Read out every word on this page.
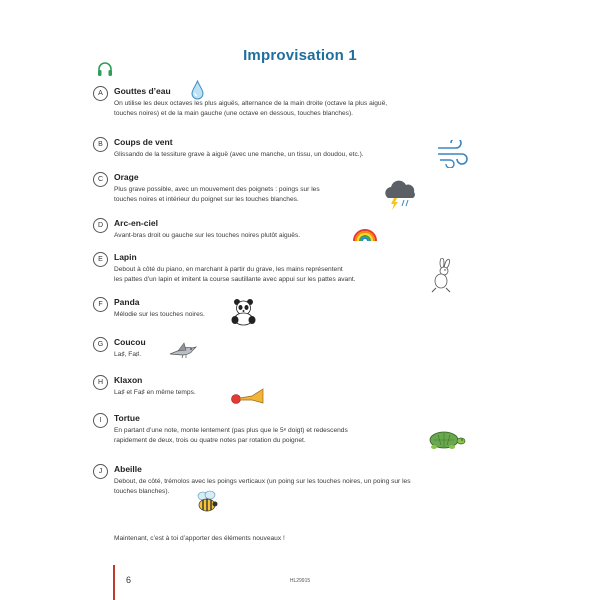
Improvisation 1
A	Gouttes d’eau
On utilise les deux octaves les plus aiguës, alternance de la main droite (octave la plus aiguë,
touches noires) et de la main gauche (une octave en dessous, touches blanches).
B	Coups de vent
Glissando de la tessiture grave à aiguë (avec une manche, un tissu, un doudou, etc.).
C	Orage
Plus grave possible, avec un mouvement des poignets : poings sur les
touches noires et intérieur du poignet sur les touches blanches.
D	Arc-en-ciel
Avant-bras droit ou gauche sur les touches noires plutôt aiguës.
E	Lapin
Debout à côté du piano, en marchant à partir du grave, les mains représentent
les pattes d’un lapin et imitent la course sautillante avec appui sur les pattes avant.
F	Panda
Mélodie sur les touches noires.
G	Coucou
La♯, Fa♯.
H	Klaxon
La♯ et Fa♯ en même temps.
I	Tortue
En partant d’une note, monte lentement (pas plus que le 5ᵉ doigt) et redescends
rapidement de deux, trois ou quatre notes par rotation du poignet.
J	Abeille
Debout, de côté, trémolos avec les poings verticaux (un poing sur les touches noires, un poing sur les
touches blanches).
Maintenant, c’est à toi d’apporter des éléments nouveaux !
6	HL29915
